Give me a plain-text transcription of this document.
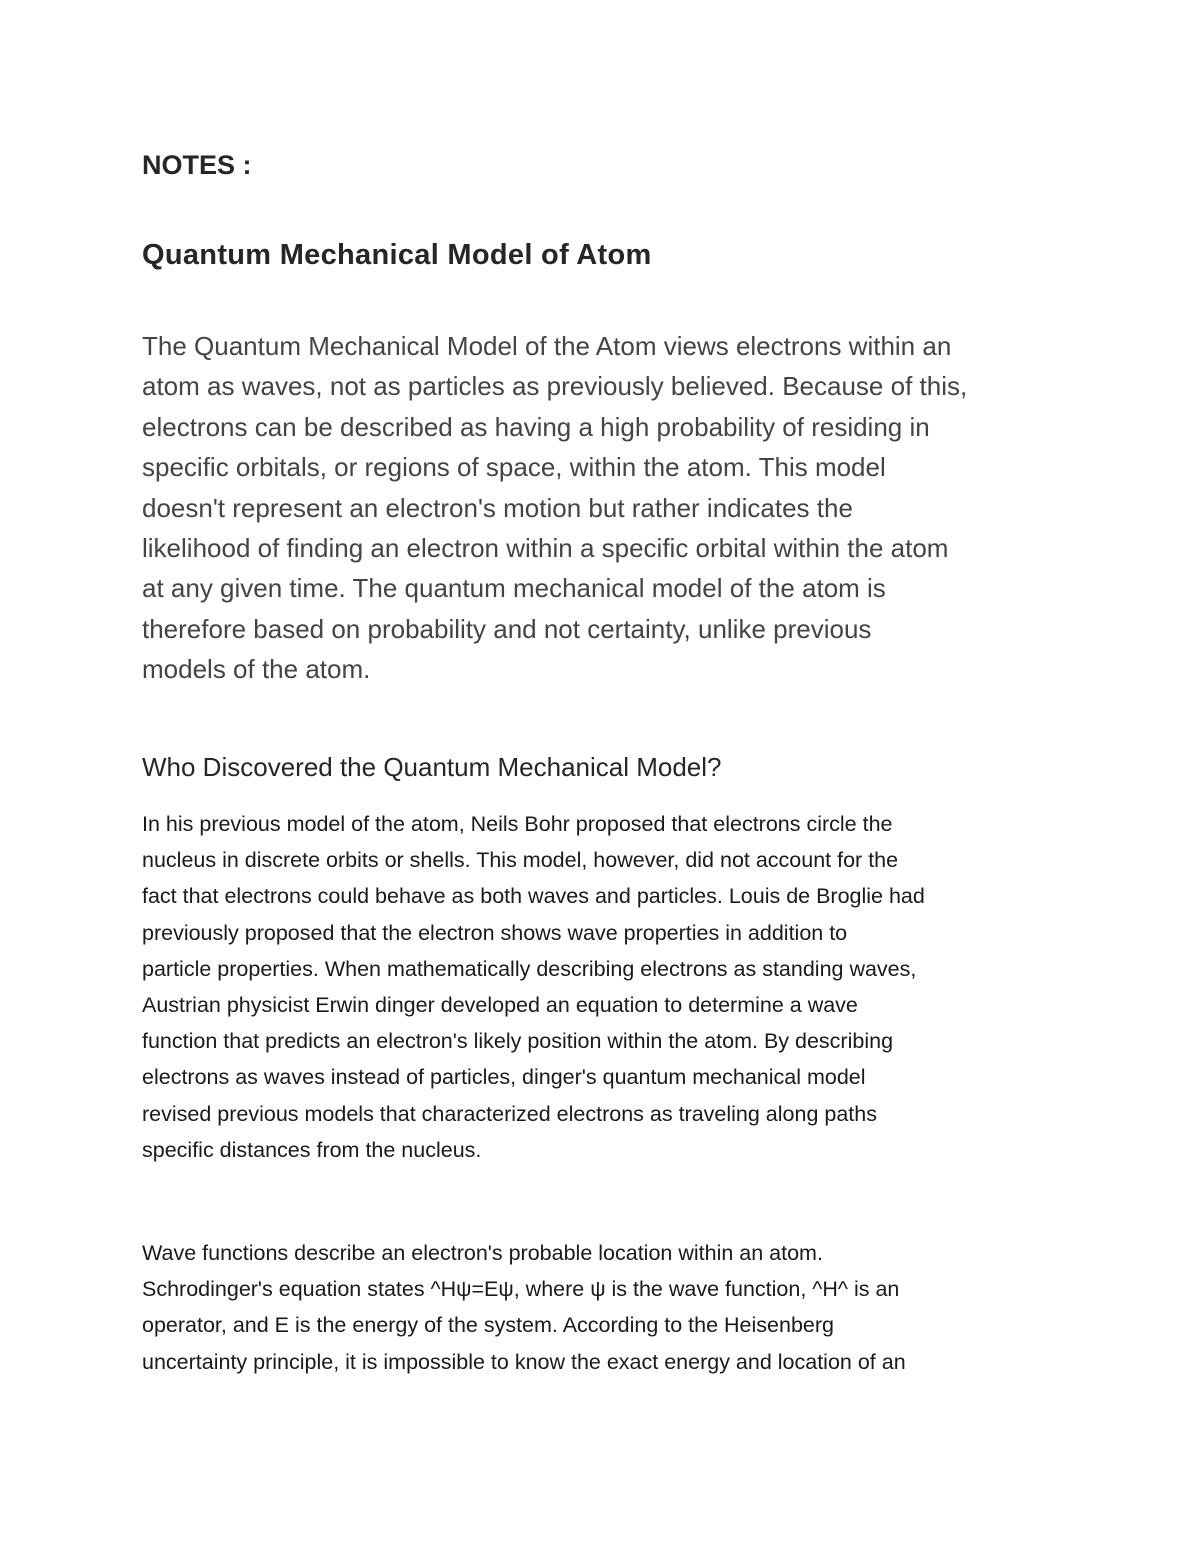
NOTES :
Quantum Mechanical Model of Atom
The Quantum Mechanical Model of the Atom views electrons within an
atom as waves, not as particles as previously believed. Because of this,
electrons can be described as having a high probability of residing in
specific orbitals, or regions of space, within the atom. This model
doesn't represent an electron's motion but rather indicates the
likelihood of finding an electron within a specific orbital within the atom
at any given time. The quantum mechanical model of the atom is
therefore based on probability and not certainty, unlike previous
models of the atom.
Who Discovered the Quantum Mechanical Model?
In his previous model of the atom, Neils Bohr proposed that electrons circle the
nucleus in discrete orbits or shells. This model, however, did not account for the
fact that electrons could behave as both waves and particles. Louis de Broglie had
previously proposed that the electron shows wave properties in addition to
particle properties. When mathematically describing electrons as standing waves,
Austrian physicist Erwin dinger developed an equation to determine a wave
function that predicts an electron's likely position within the atom. By describing
electrons as waves instead of particles, dinger's quantum mechanical model
revised previous models that characterized electrons as traveling along paths
specific distances from the nucleus.
Wave functions describe an electron's probable location within an atom.
Schrodinger's equation states ^Hψ=Eψ, where ψ is the wave function, ^H^ is an
operator, and E is the energy of the system. According to the Heisenberg
uncertainty principle, it is impossible to know the exact energy and location of an
